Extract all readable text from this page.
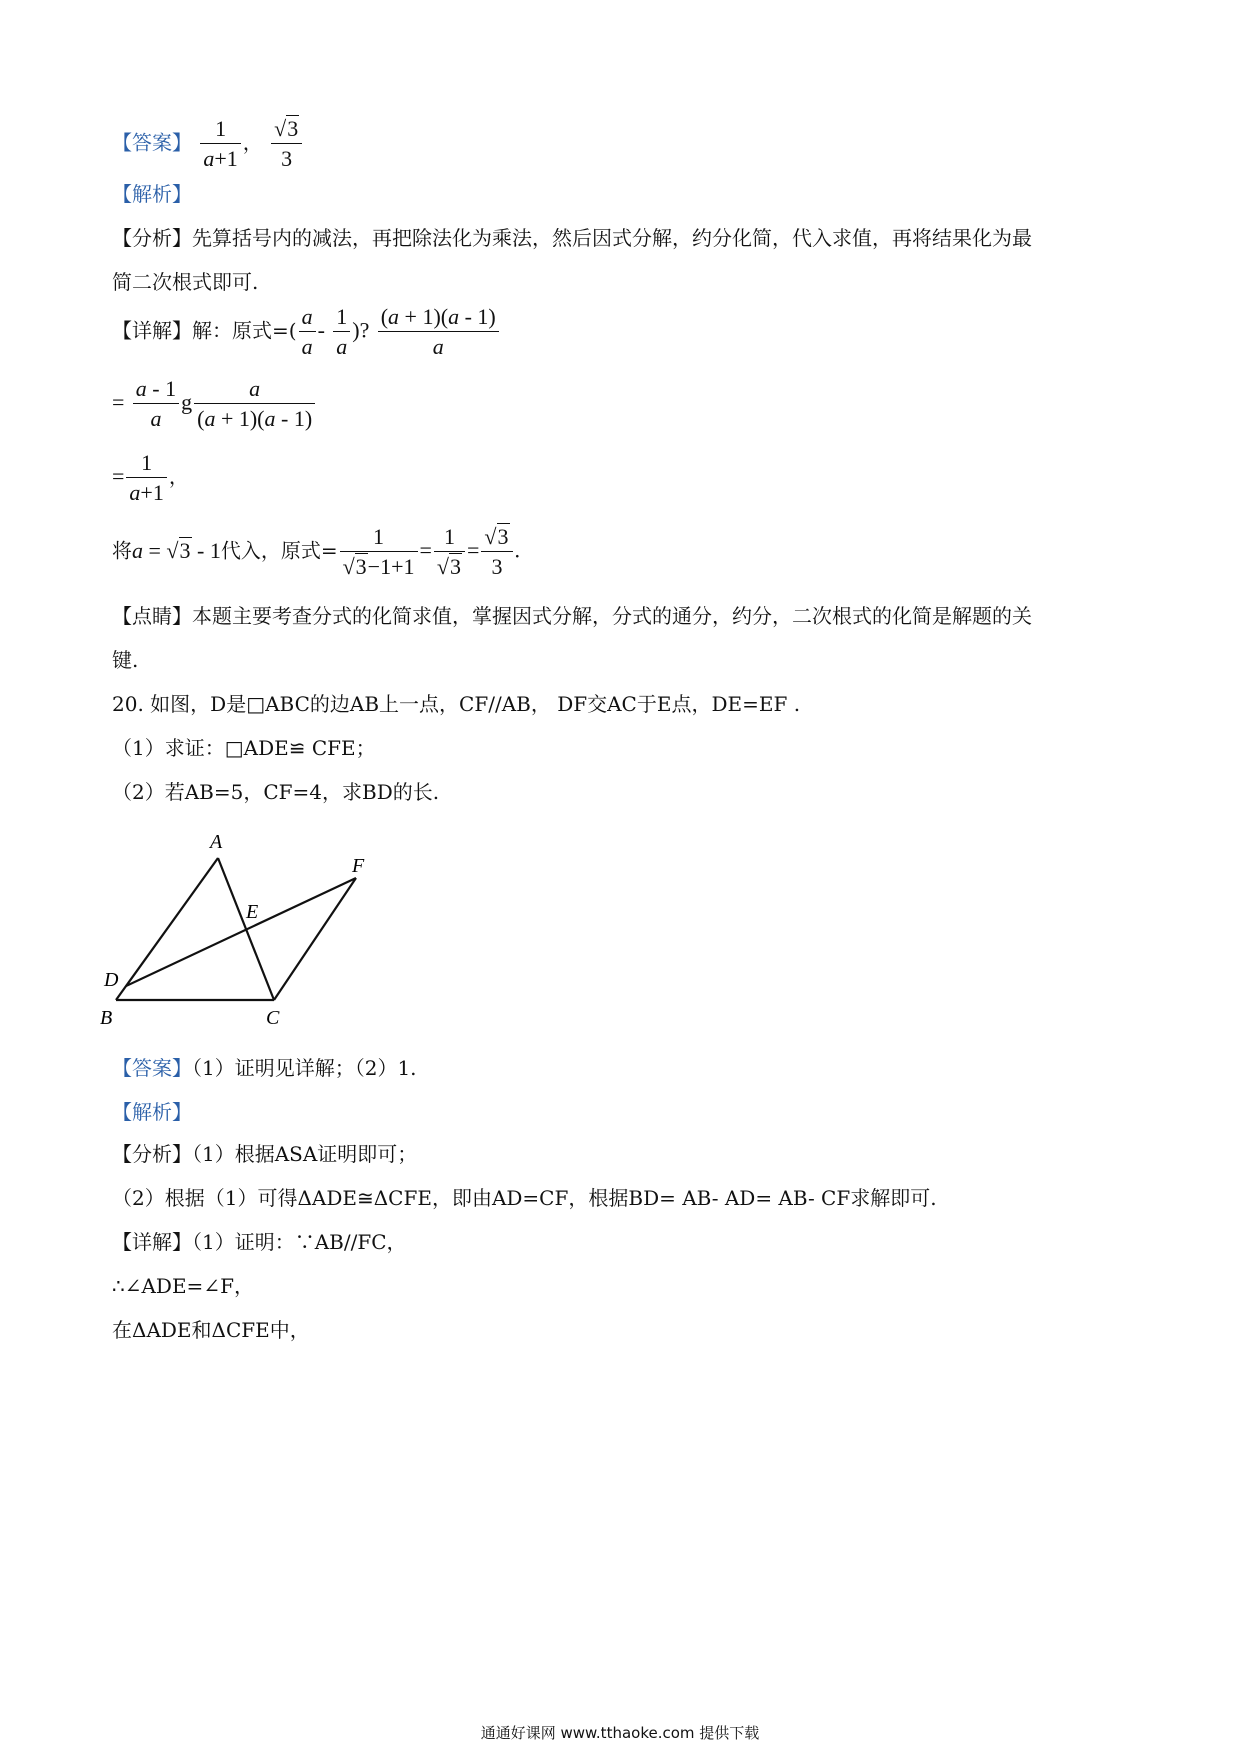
【答案】 $\frac{1}{a+1}$ ， $\frac{√3}{3}$
【解析】
【分析】先算括号内的减法，再把除法化为乘法，然后因式分解，约分化简，代入求值，再将结果化为最
简二次根式即可.
【详解】解：原式=( $\frac{a}{a} - \frac{1}{a}$ )? $\frac{(a + 1)(a - 1)}{a}$
= $\frac{a - 1}{a}$ g $\frac{a}{(a + 1)(a - 1)}$
= $\frac{1}{a+1}$ ，
将a = √3 - 1代入，原式= $\frac{1}{√3-1+1} = \frac{1}{√3} = \frac{√3}{3}$ .
【点睛】本题主要考查分式的化简求值，掌握因式分解，分式的通分，约分，二次根式的化简是解题的关
键.
20. 如图，D是□ABC的边AB上一点，CF//AB， DF交AC于E点，DE=EF .
（1）求证：□ADE≌ CFE；
（2）若AB=5，CF=4，求BD的长.
A
B	C
D
E
F
【答案】（1）证明见详解；（2）1.
【解析】
【分析】（1）根据ASA证明即可；
（2）根据（1）可得ΔADE≅ΔCFE，即由AD=CF，根据BD= AB- AD= AB- CF求解即可.
【详解】（1）证明：∵AB//FC，
∴∠ADE=∠F，
在ΔADE和ΔCFE中，
通通好课网 www.tthaoke.com 提供下载
